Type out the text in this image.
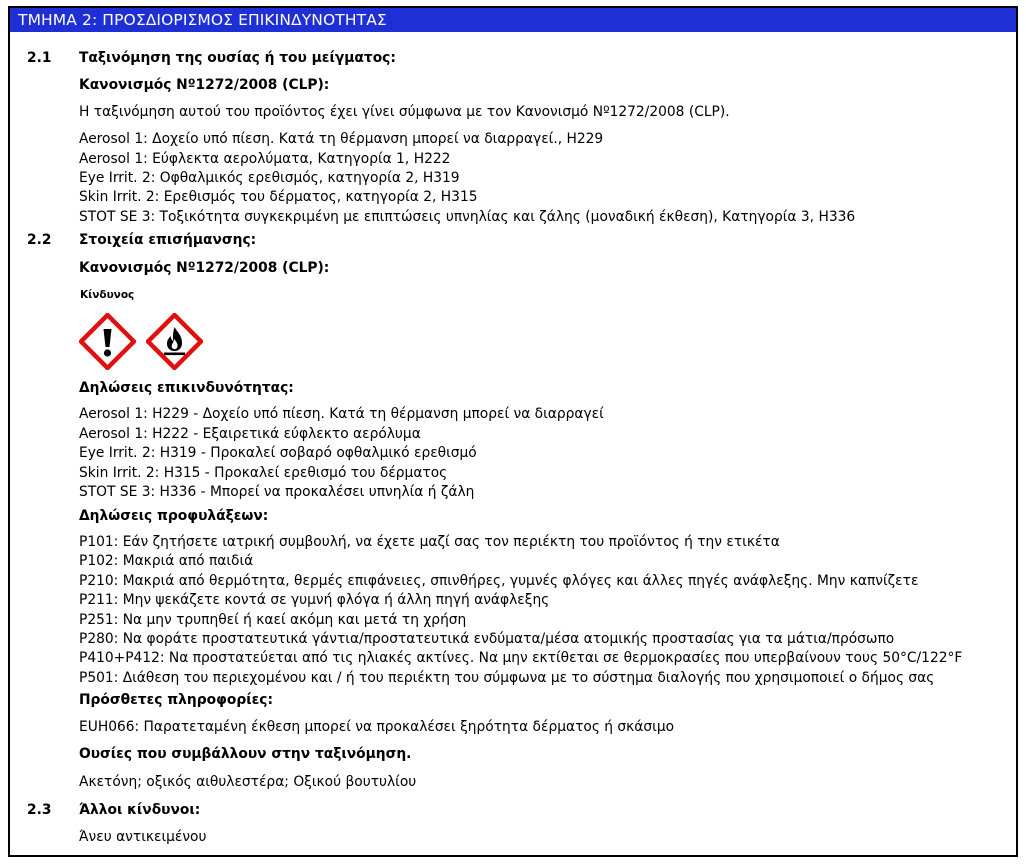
ΤΜΗΜΑ 2: ΠΡΟΣΔΙΟΡΙΣΜΟΣ ΕΠΙΚΙΝΔΥΝΟΤΗΤΑΣ
2.1 Ταξινόμηση της ουσίας ή του μείγματος:
Κανονισμός Nº1272/2008 (CLP):
Η ταξινόμηση αυτού του προϊόντος έχει γίνει σύμφωνα με τον Κανονισμό Nº1272/2008 (CLP).
Aerosol 1: Δοχείο υπό πίεση. Κατά τη θέρμανση μπορεί να διαρραγεί., H229
Aerosol 1: Εύφλεκτα αερολύματα, Κατηγορία 1, H222
Eye Irrit. 2: Οφθαλμικός ερεθισμός, κατηγορία 2, H319
Skin Irrit. 2: Ερεθισμός του δέρματος, κατηγορία 2, H315
STOT SE 3: Τοξικότητα συγκεκριμένη με επιπτώσεις υπνηλίας και ζάλης (μοναδική έκθεση), Κατηγορία 3, H336
2.2 Στοιχεία επισήμανσης:
Κανονισμός Nº1272/2008 (CLP):
Κίνδυνος
Δηλώσεις επικινδυνότητας:
Aerosol 1: H229 - Δοχείο υπό πίεση. Κατά τη θέρμανση μπορεί να διαρραγεί
Aerosol 1: H222 - Εξαιρετικά εύφλεκτο αερόλυμα
Eye Irrit. 2: H319 - Προκαλεί σοβαρό οφθαλμικό ερεθισμό
Skin Irrit. 2: H315 - Προκαλεί ερεθισμό του δέρματος
STOT SE 3: H336 - Μπορεί να προκαλέσει υπνηλία ή ζάλη
Δηλώσεις προφυλάξεων:
P101: Εάν ζητήσετε ιατρική συμβουλή, να έχετε μαζί σας τον περιέκτη του προϊόντος ή την ετικέτα
P102: Μακριά από παιδιά
P210: Μακριά από θερμότητα, θερμές επιφάνειες, σπινθήρες, γυμνές φλόγες και άλλες πηγές ανάφλεξης. Μην καπνίζετε
P211: Μην ψεκάζετε κοντά σε γυμνή φλόγα ή άλλη πηγή ανάφλεξης
P251: Να μην τρυπηθεί ή καεί ακόμη και μετά τη χρήση
P280: Να φοράτε προστατευτικά γάντια/προστατευτικά ενδύματα/μέσα ατομικής προστασίας για τα μάτια/πρόσωπο
P410+P412: Να προστατεύεται από τις ηλιακές ακτίνες. Να μην εκτίθεται σε θερμοκρασίες που υπερβαίνουν τους 50°C/122°F
P501: Διάθεση του περιεχομένου και / ή του περιέκτη του σύμφωνα με το σύστημα διαλογής που χρησιμοποιεί ο δήμος σας
Πρόσθετες πληροφορίες:
EUH066: Παρατεταμένη έκθεση μπορεί να προκαλέσει ξηρότητα δέρματος ή σκάσιμο
Ουσίες που συμβάλλουν στην ταξινόμηση.
Ακετόνη; οξικός αιθυλεστέρα; Οξικού βουτυλίου
2.3 Άλλοι κίνδυνοι:
Άνευ αντικειμένου
